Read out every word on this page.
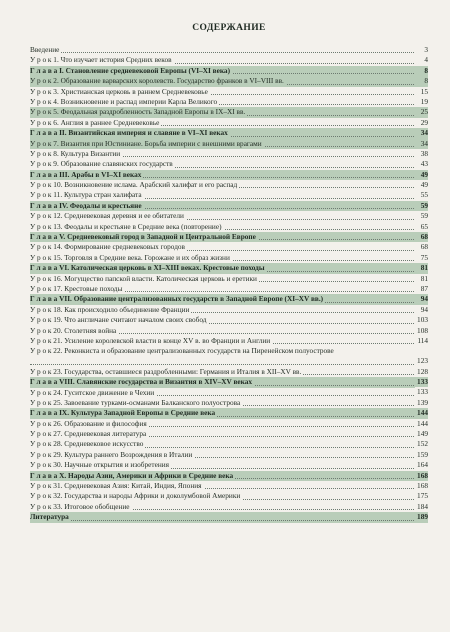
СОДЕРЖАНИЕ
Введение	3
У р о к 1. Что изучает история Средних веков	4
Г л а в а I. Становление средневековой Европы (VI–XI века)	8
У р о к 2. Образование варварских королевств. Государство франков в VI–VIII вв.	8
У р о к 3. Христианская церковь в раннем Средневековье	15
У р о к 4. Возникновение и распад империи Карла Великого	19
У р о к 5. Феодальная раздробленность Западной Европы в IX–XI вв.	25
У р о к 6. Англия в раннее Средневековье	29
Г л а в а II. Византийская империя и славяне в VI–XI веках	34
У р о к 7. Византия при Юстиниане. Борьба империи с внешними врагами	34
У р о к 8. Культура Византии	38
У р о к 9. Образование славянских государств	43
Г л а в а III. Арабы в VI–XI веках	49
У р о к 10. Возникновение ислама. Арабский халифат и его распад	49
У р о к 11. Культура стран халифата	55
Г л а в а IV. Феодалы и крестьяне	59
У р о к 12. Средневековая деревня и ее обитатели	59
У р о к 13. Феодалы и крестьяне в Средние века (повторение)	65
Г л а в а V. Средневековый город в Западной и Центральной Европе	68
У р о к 14. Формирование средневековых городов	68
У р о к 15. Торговля в Средние века. Горожане и их образ жизни	75
Г л а в а VI. Католическая церковь в XI–XIII веках. Крестовые походы	81
У р о к 16. Могущество папской власти. Католическая церковь и еретики	81
У р о к 17. Крестовые походы	87
Г л а в а VII. Образование централизованных государств в Западной Европе (XI–XV вв.)	94
У р о к 18. Как происходило объединение Франции	94
У р о к 19. Что англичане считают началом своих свобод	103
У р о к 20. Столетняя война	108
У р о к 21. Усиление королевской власти в конце XV в. во Франции и Англии	114
У р о к 22. Реконкиста и образование централизованных государств на Пиренейском полуострове
123
У р о к 23. Государства, оставшиеся раздробленными: Германия и Италия в XII–XV вв.	128
Г л а в а VIII. Славянские государства и Византия в XIV–XV веках	133
У р о к 24. Гуситское движение в Чехии	133
У р о к 25. Завоевание турками-османами Балканского полуострова	139
Г л а в а IX. Культура Западной Европы в Средние века	144
У р о к 26. Образование и философия	144
У р о к 27. Средневековая литература	149
У р о к 28. Средневековое искусство	152
У р о к 29. Культура раннего Возрождения в Италии	159
У р о к 30. Научные открытия и изобретения	164
Г л а в а X. Народы Азии, Америки и Африки в Средние века	168
У р о к 31. Средневековая Азия: Китай, Индия, Япония	168
У р о к 32. Государства и народы Африки и доколумбовой Америки	175
У р о к 33. Итоговое обобщение	184
Литература	189
